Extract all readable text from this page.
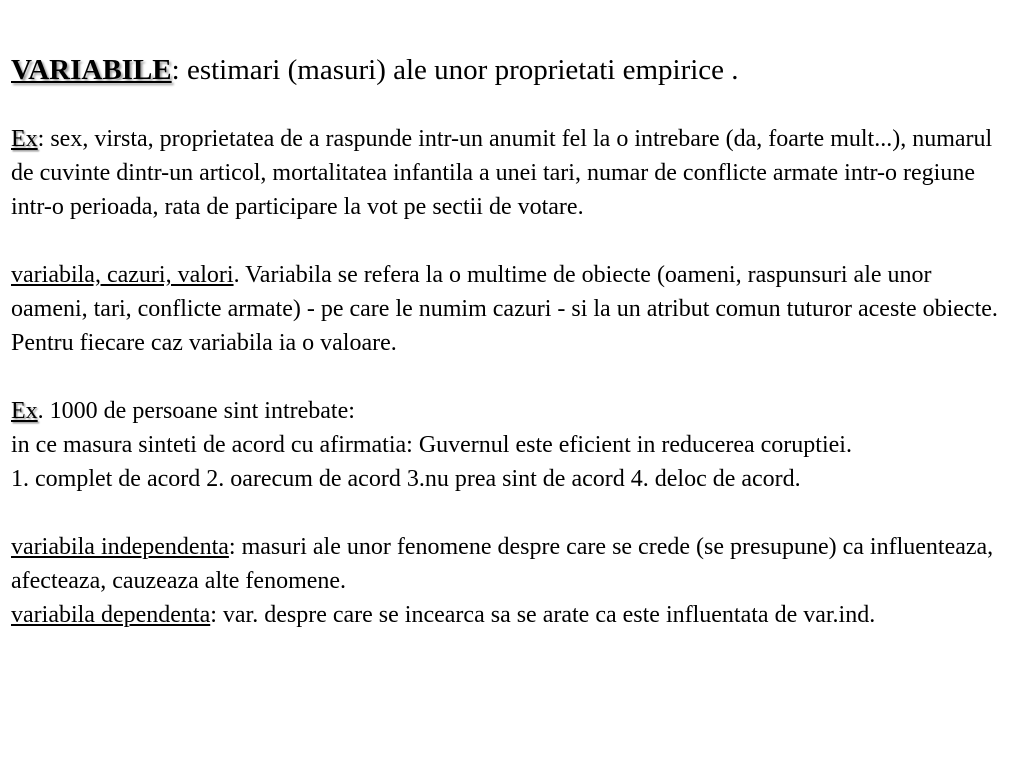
VARIABILE: estimari (masuri) ale unor proprietati empirice .

Ex: sex, virsta, proprietatea de a raspunde intr-un anumit fel la o intrebare (da, foarte mult...), numarul de cuvinte dintr-un articol, mortalitatea infantila a unei tari, numar de conflicte armate intr-o regiune intr-o perioada, rata de participare la vot pe sectii de votare.

variabila, cazuri, valori. Variabila se refera la o multime de obiecte (oameni, raspunsuri ale unor oameni, tari, conflicte armate) - pe care le numim cazuri - si la un atribut comun tuturor aceste obiecte. Pentru fiecare caz variabila ia o valoare.

Ex. 1000 de persoane sint intrebate:

in ce masura sinteti de acord cu afirmatia: Guvernul este eficient in reducerea coruptiei.

1. complet de acord 2. oarecum de acord 3.nu prea sint de acord 4. deloc de acord.

variabila independenta: masuri ale unor fenomene despre care se crede (se presupune) ca influenteaza, afecteaza, cauzeaza alte fenomene.

variabila dependenta: var. despre care se incearca sa se arate ca este influentata de var.ind.
